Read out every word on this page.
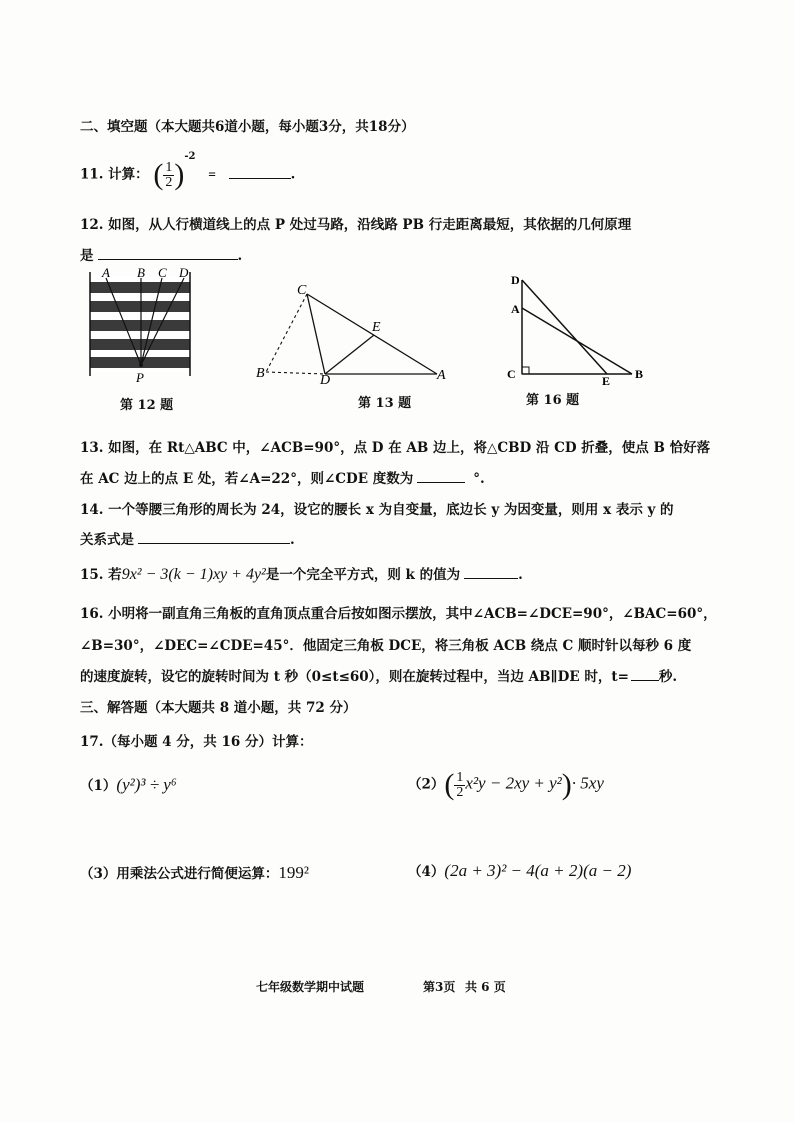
二、填空题（本大题共6道小题，每小题3分，共18分）
11. 计算： ( $\frac{1}{2} )^{-2}$ =	.
12. 如图，从人行横道线上的点 P 处过马路，沿线路 PB 行走距离最短，其依据的几何原理
是	.
A B C D
P
第 12 题
C
E
B	D	A
第 13 题
D
A
C	E B
第 16 题
13. 如图，在 Rt△ABC 中，∠ACB=90°，点 D 在 AB 边上，将△CBD 沿 CD 折叠，使点 B 恰好落
在 AC 边上的点 E 处，若∠A=22°，则∠CDE 度数为	°.
14. 一个等腰三角形的周长为 24，设它的腰长 x 为自变量，底边长 y 为因变量，则用 x 表示 y 的
关系式是	.
15. 若9x² − 3(k − 1)xy + 4y²是一个完全平方式，则 k 的值为	.
16. 小明将一副直角三角板的直角顶点重合后按如图示摆放，其中∠ACB=∠DCE=90°，∠BAC=60°，
∠B=30°，∠DEC=∠CDE=45°．他固定三角板 DCE，将三角板 ACB 绕点 C 顺时针以每秒 6 度
的速度旋转，设它的旋转时间为 t 秒（0≤t≤60），则在旋转过程中，当边 AB∥DE 时，t= 秒.
三、解答题（本大题共 8 道小题，共 72 分）
17.（每小题 4 分，共 16 分）计算：
（1）(y²)³ ÷ y⁶	$(2)( \frac{1}{2} x^2y - 2xy + y^2)\cdot 5xy$
（3）用乘法公式进行简便运算：199²	（4）(2a + 3)² − 4(a + 2)(a − 2)
七年级数学期中试题	第3页 共 6 页
